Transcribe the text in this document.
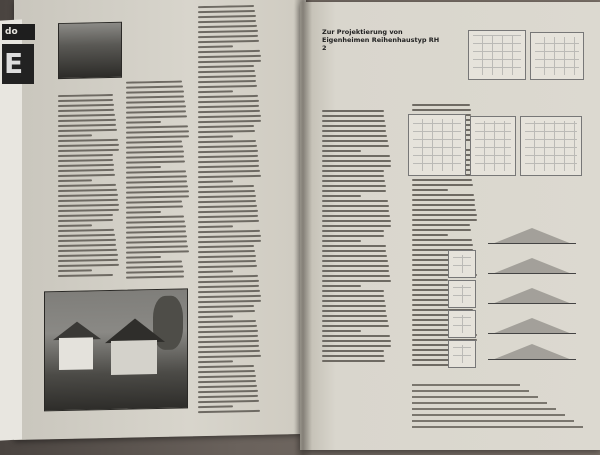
do
E
Zur Projektierung von Eigenheimen Reihenhaustyp RH 2
